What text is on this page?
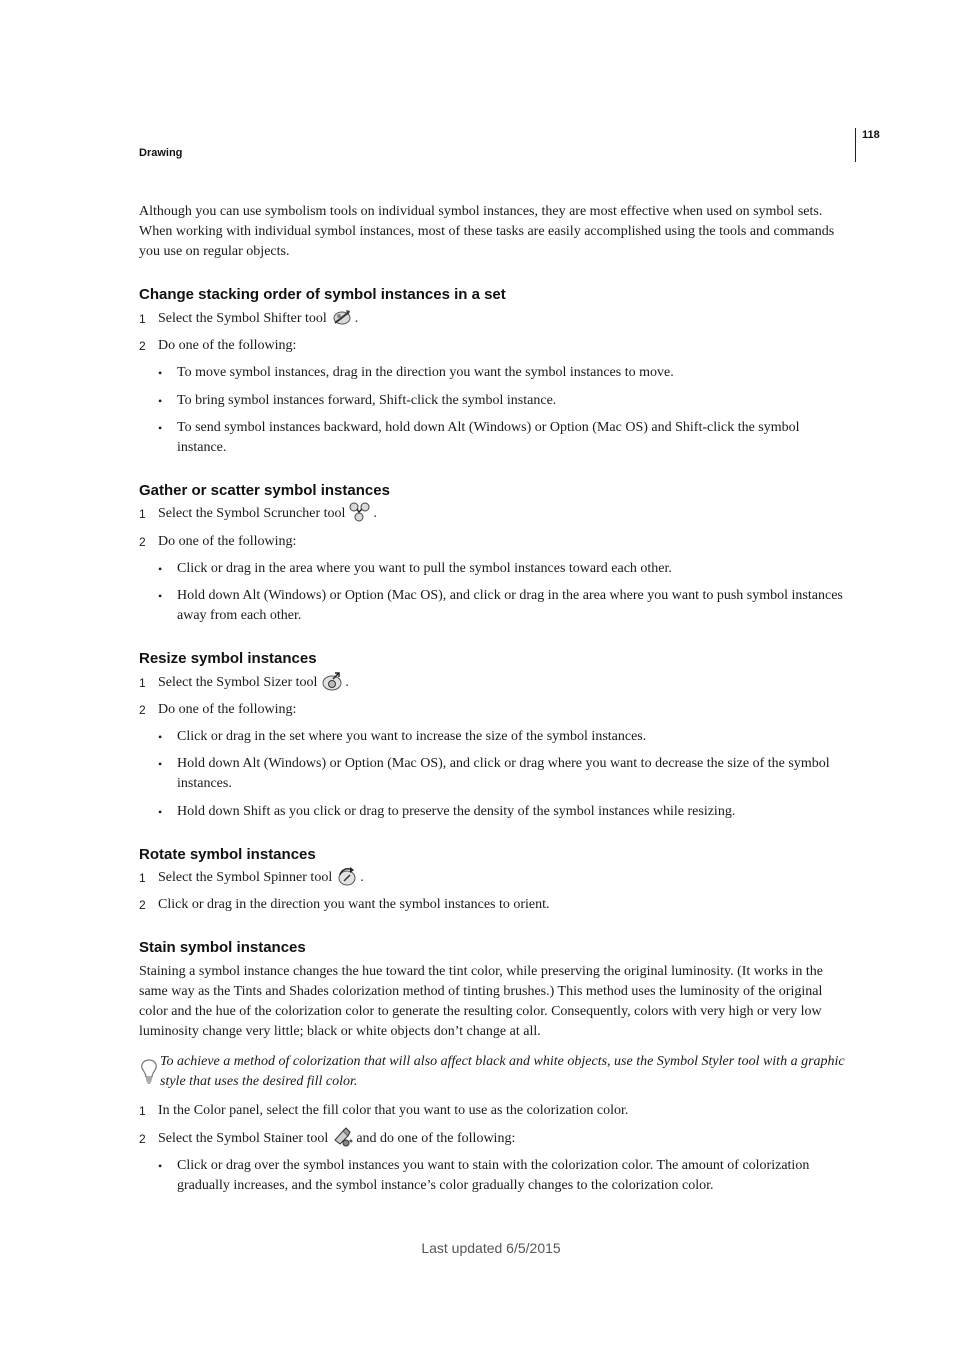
Drawing
118

Although you can use symbolism tools on individual symbol instances, they are most effective when used on symbol sets. When working with individual symbol instances, most of these tasks are easily accomplished using the tools and commands you use on regular objects.

Change stacking order of symbol instances in a set
1 Select the Symbol Shifter tool .
2 Do one of the following:
• To move symbol instances, drag in the direction you want the symbol instances to move.
• To bring symbol instances forward, Shift-click the symbol instance.
• To send symbol instances backward, hold down Alt (Windows) or Option (Mac OS) and Shift-click the symbol instance.
Gather or scatter symbol instances
1 Select the Symbol Scruncher tool .
2 Do one of the following:
• Click or drag in the area where you want to pull the symbol instances toward each other.
• Hold down Alt (Windows) or Option (Mac OS), and click or drag in the area where you want to push symbol instances away from each other.
Resize symbol instances
1 Select the Symbol Sizer tool .
2 Do one of the following:
• Click or drag in the set where you want to increase the size of the symbol instances.
• Hold down Alt (Windows) or Option (Mac OS), and click or drag where you want to decrease the size of the symbol instances.
• Hold down Shift as you click or drag to preserve the density of the symbol instances while resizing.
Rotate symbol instances
1 Select the Symbol Spinner tool .
2 Click or drag in the direction you want the symbol instances to orient.
Stain symbol instances

Staining a symbol instance changes the hue toward the tint color, while preserving the original luminosity. (It works in the same way as the Tints and Shades colorization method of tinting brushes.) This method uses the luminosity of the original color and the hue of the colorization color to generate the resulting color. Consequently, colors with very high or very low luminosity change very little; black or white objects don’t change at all.

To achieve a method of colorization that will also affect black and white objects, use the Symbol Styler tool with a graphic style that uses the desired fill color.
1 In the Color panel, select the fill color that you want to use as the colorization color.
2 Select the Symbol Stainer tool and do one of the following:
• Click or drag over the symbol instances you want to stain with the colorization color. The amount of colorization gradually increases, and the symbol instance’s color gradually changes to the colorization color.
Last updated 6/5/2015
